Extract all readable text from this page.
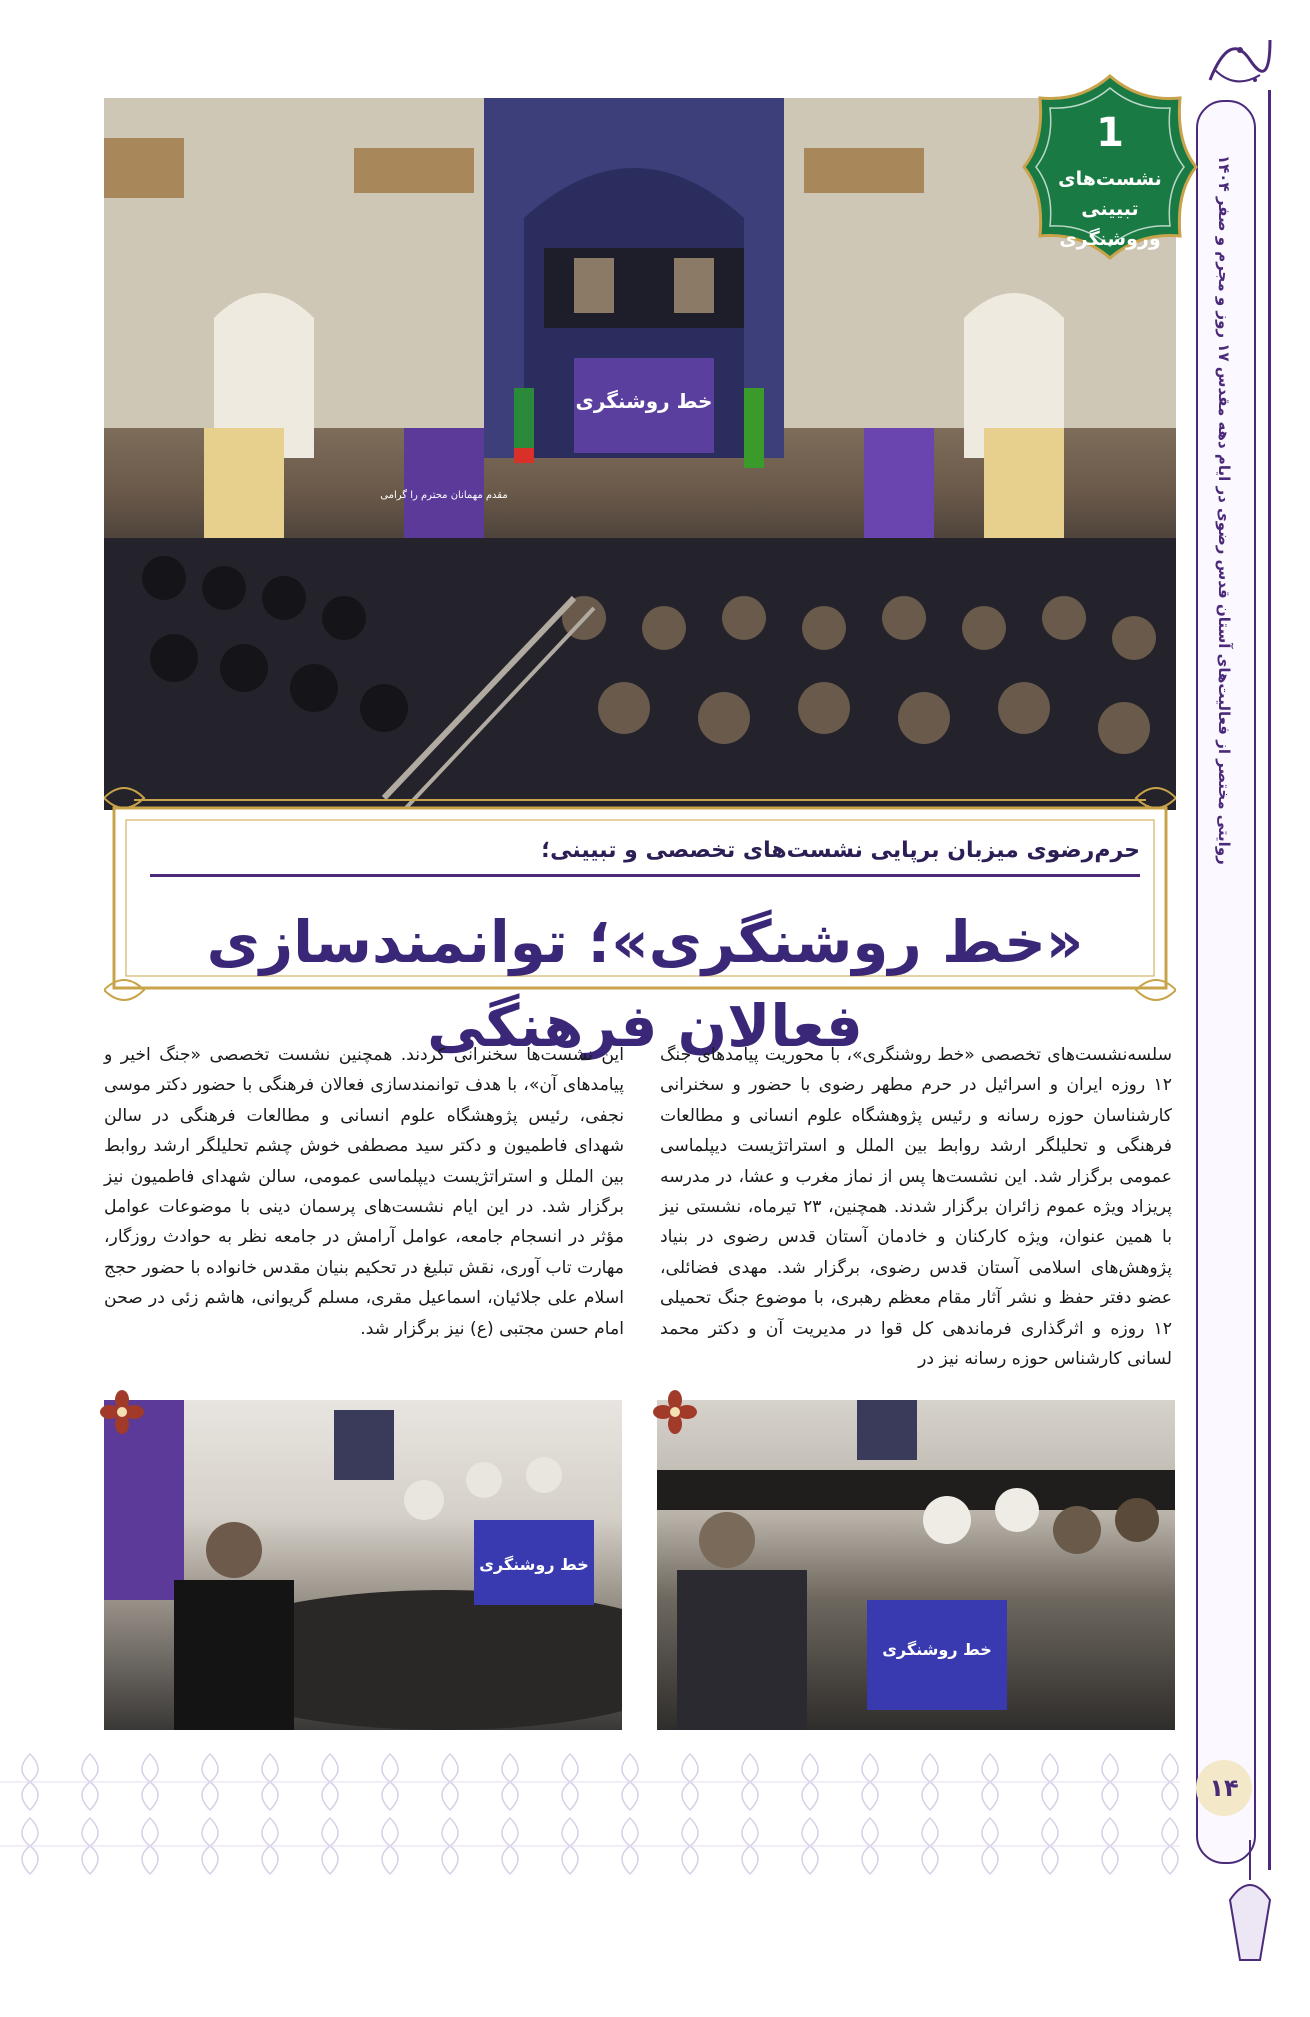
روایتی مختصر از فعالیت‌های آستان قدس رضوی در ایام دهه مقدس ۱۷ روز و مجرم و صفر ۱۴۰۴
۱۴
خط روشنگری
مقدم مهمانان محترم را گرامی
1
نشست‌های تبیینی وروشنگری
حرم‌رضوی میزبان برپایی نشست‌های تخصصی و تبیینی؛
«خط روشنگری»؛ توانمندسازی فعالان فرهنگی
سلسه‌نشست‌های تخصصی «خط روشنگری»، با محوریت پیامدهای جنگ ۱۲ روزه ایران و اسرائیل در حرم مطهر رضوی با حضور و سخنرانی کارشناسان حوزه رسانه و رئیس پژوهشگاه علوم انسانی و مطالعات فرهنگی و تحلیلگر ارشد روابط بین الملل و استراتژیست دیپلماسی عمومی برگزار شد. این نشست‌ها پس از نماز مغرب و عشا، در مدرسه پریزاد ویژه عموم زائران برگزار شدند. همچنین، ۲۳ تیرماه، نشستی نیز با همین عنوان، ویژه کارکنان و خادمان آستان قدس رضوی در بنیاد پژوهش‌های اسلامی آستان قدس رضوی، برگزار شد. مهدی فضائلی، عضو دفتر حفظ و نشر آثار مقام معظم رهبری، با موضوع جنگ تحمیلی ۱۲ روزه و اثرگذاری فرماندهی کل قوا در مدیریت آن و دکتر محمد لسانی کارشناس حوزه رسانه نیز در
این نشست‌ها سخنرانی کردند. همچنین نشست تخصصی «جنگ اخیر و پیامدهای آن»، با هدف توانمندسازی فعالان فرهنگی با حضور دکتر موسی نجفی، رئیس پژوهشگاه علوم انسانی و مطالعات فرهنگی در سالن شهدای فاطمیون و دکتر سید مصطفی خوش چشم تحلیلگر ارشد روابط بین الملل و استراتژیست دیپلماسی عمومی، سالن شهدای فاطمیون نیز برگزار شد. در این ایام نشست‌های پرسمان دینی با موضوعات عوامل مؤثر در انسجام جامعه، عوامل آرامش در جامعه نظر به حوادث روزگار، مهارت تاب آوری، نقش تبلیغ در تحکیم بنیان مقدس خانواده با حضور حجج اسلام علی جلائیان، اسماعیل مقری، مسلم گریوانی، هاشم زئی در صحن امام حسن مجتبی (ع) نیز برگزار شد.
خط روشنگری
خط روشنگری
